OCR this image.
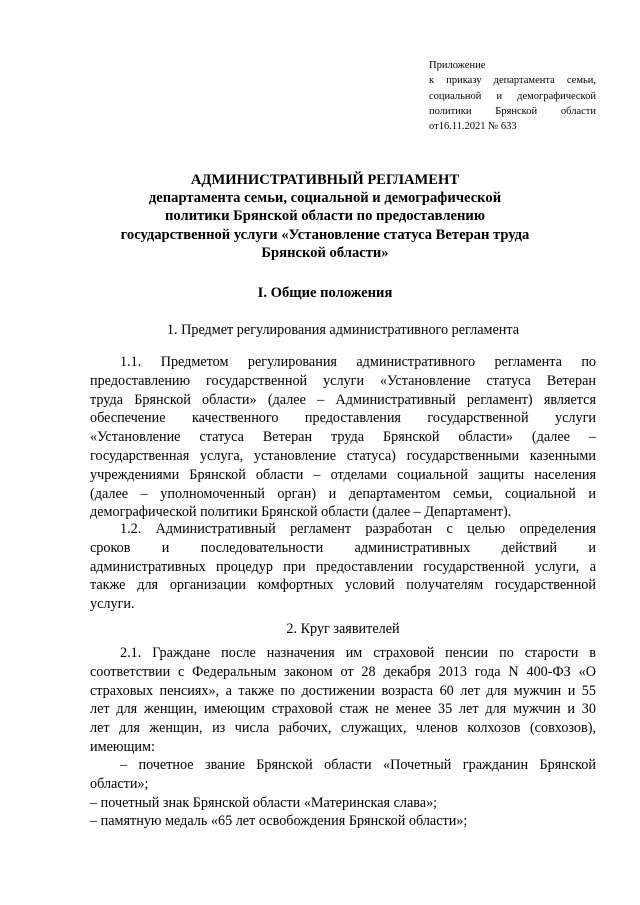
Приложение
к приказу департамента семьи,
социальной и демографической
политики Брянской области
от16.11.2021 № 633
АДМИНИСТРАТИВНЫЙ РЕГЛАМЕНТ
департамента семьи, социальной и демографической
политики Брянской области по предоставлению
государственной услуги «Установление статуса Ветеран труда
Брянской области»
I. Общие положения
1. Предмет регулирования административного регламента
1.1. Предметом регулирования административного регламента по
предоставлению государственной услуги «Установление статуса Ветеран
труда Брянской области» (далее – Административный регламент) является
обеспечение качественного предоставления государственной услуги
«Установление статуса Ветеран труда Брянской области» (далее –
государственная услуга, установление статуса) государственными казенными
учреждениями Брянской области – отделами социальной защиты населения
(далее – уполномоченный орган) и департаментом семьи, социальной и
демографической политики Брянской области (далее – Департамент).
1.2. Административный регламент разработан с целью определения
сроков и последовательности административных действий и
административных процедур при предоставлении государственной услуги, а
также для организации комфортных условий получателям государственной
услуги.
2. Круг заявителей
2.1. Граждане после назначения им страховой пенсии по старости в
соответствии с Федеральным законом от 28 декабря 2013 года N 400-ФЗ «О
страховых пенсиях», а также по достижении возраста 60 лет для мужчин и 55
лет для женщин, имеющим страховой стаж не менее 35 лет для мужчин и 30
лет для женщин, из числа рабочих, служащих, членов колхозов (совхозов),
имеющим:
– почетное звание Брянской области «Почетный гражданин Брянской
области»;
– почетный знак Брянской области «Материнская слава»;
– памятную медаль «65 лет освобождения Брянской области»;
